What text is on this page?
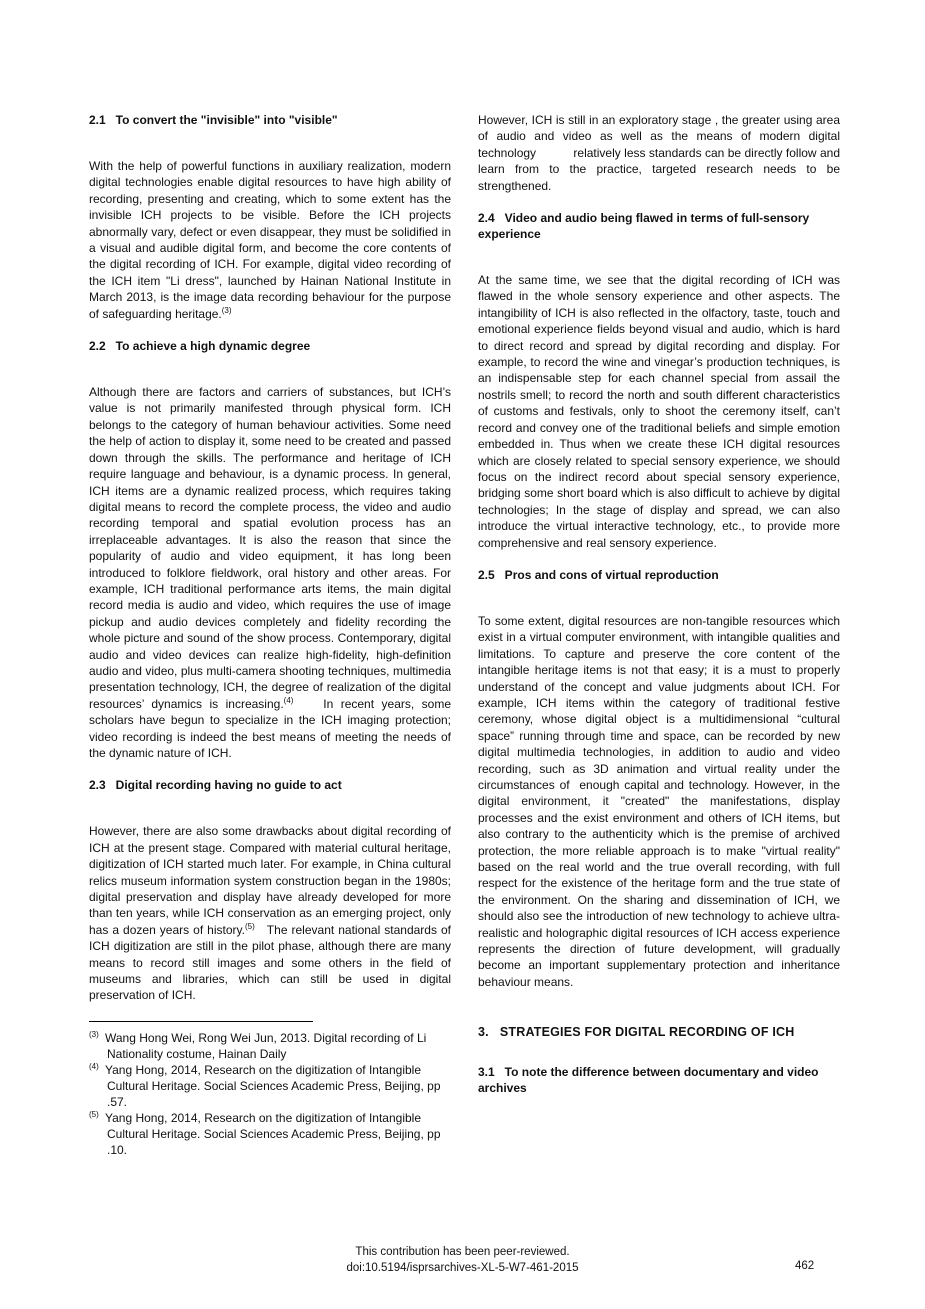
2.1   To convert the "invisible" into "visible"

With the help of powerful functions in auxiliary realization, modern digital technologies enable digital resources to have high ability of recording, presenting and creating, which to some extent has the invisible ICH projects to be visible. Before the ICH projects abnormally vary, defect or even disappear, they must be solidified in a visual and audible digital form, and become the core contents of the digital recording of ICH. For example, digital video recording of the ICH item "Li dress", launched by Hainan National Institute in March 2013, is the image data recording behaviour for the purpose of safeguarding heritage.$^{(3)}$

2.2   To achieve a high dynamic degree

Although there are factors and carriers of substances, but ICH’s value is not primarily manifested through physical form. ICH belongs to the category of human behaviour activities. Some need the help of action to display it, some need to be created and passed down through the skills. The performance and heritage of ICH require language and behaviour, is a dynamic process. In general, ICH items are a dynamic realized process, which requires taking digital means to record the complete process, the video and audio recording temporal and spatial evolution process has an irreplaceable advantages. It is also the reason that since the popularity of audio and video equipment, it has long been introduced to folklore fieldwork, oral history and other areas. For example, ICH traditional performance arts items, the main digital record media is audio and video, which requires the use of image pickup and audio devices completely and fidelity recording the whole picture and sound of the show process. Contemporary, digital audio and video devices can realize high-fidelity, high-definition audio and video, plus multi-camera shooting techniques, multimedia presentation technology, ICH, the degree of realization of the digital resources’ dynamics is increasing.$^{(4)}$    In recent years, some scholars have begun to specialize in the ICH imaging protection; video recording is indeed the best means of meeting the needs of the dynamic nature of ICH.

2.3   Digital recording having no guide to act

However, there are also some drawbacks about digital recording of ICH at the present stage. Compared with material cultural heritage, digitization of ICH started much later. For example, in China cultural relics museum information system construction began in the 1980s; digital preservation and display have already developed for more than ten years, while ICH conservation as an emerging project, only has a dozen years of history.$^{(5)}$   The relevant national standards of ICH digitization are still in the pilot phase, although there are many means to record still images and some others in the field of museums and libraries, which can still be used in digital preservation of ICH.

$^{(3)}$ Wang Hong Wei, Rong Wei Jun, 2013. Digital recording of Li Nationality costume, Hainan Daily

$^{(4)}$ Yang Hong, 2014, Research on the digitization of Intangible Cultural Heritage. Social Sciences Academic Press, Beijing, pp .57.

$^{(5)}$ Yang Hong, 2014, Research on the digitization of Intangible Cultural Heritage. Social Sciences Academic Press, Beijing, pp .10.

However, ICH is still in an exploratory stage , the greater using area of audio and video as well as the means of modern digital technology           relatively less standards can be directly follow and learn from to the practice, targeted research needs to be strengthened.

2.4   Video and audio being flawed in terms of full-sensory experience

At the same time, we see that the digital recording of ICH was flawed in the whole sensory experience and other aspects. The intangibility of ICH is also reflected in the olfactory, taste, touch and emotional experience fields beyond visual and audio, which is hard to direct record and spread by digital recording and display. For example, to record the wine and vinegar’s production techniques, is an indispensable step for each channel special from assail the nostrils smell; to record the north and south different characteristics of customs and festivals, only to shoot the ceremony itself, can’t record and convey one of the traditional beliefs and simple emotion embedded in. Thus when we create these ICH digital resources which are closely related to special sensory experience, we should focus on the indirect record about special sensory experience, bridging some short board which is also difficult to achieve by digital technologies; In the stage of display and spread, we can also introduce the virtual interactive technology, etc., to provide more comprehensive and real sensory experience.

2.5   Pros and cons of virtual reproduction

To some extent, digital resources are non-tangible resources which exist in a virtual computer environment, with intangible qualities and limitations. To capture and preserve the core content of the intangible heritage items is not that easy; it is a must to properly understand of the concept and value judgments about ICH. For example, ICH items within the category of traditional festive ceremony, whose digital object is a multidimensional “cultural space” running through time and space, can be recorded by new digital multimedia technologies, in addition to audio and video recording, such as 3D animation and virtual reality under the circumstances of  enough capital and technology. However, in the digital environment, it "created" the manifestations, display processes and the exist environment and others of ICH items, but also contrary to the authenticity which is the premise of archived protection, the more reliable approach is to make "virtual reality" based on the real world and the true overall recording, with full respect for the existence of the heritage form and the true state of the environment. On the sharing and dissemination of ICH, we should also see the introduction of new technology to achieve ultra-realistic and holographic digital resources of ICH access experience represents the direction of future development, will gradually become an important supplementary protection and inheritance behaviour means.

3.   STRATEGIES FOR DIGITAL RECORDING OF ICH

3.1   To note the difference between documentary and video archives

This contribution has been peer-reviewed.
doi:10.5194/isprsarchives-XL-5-W7-461-2015	462
